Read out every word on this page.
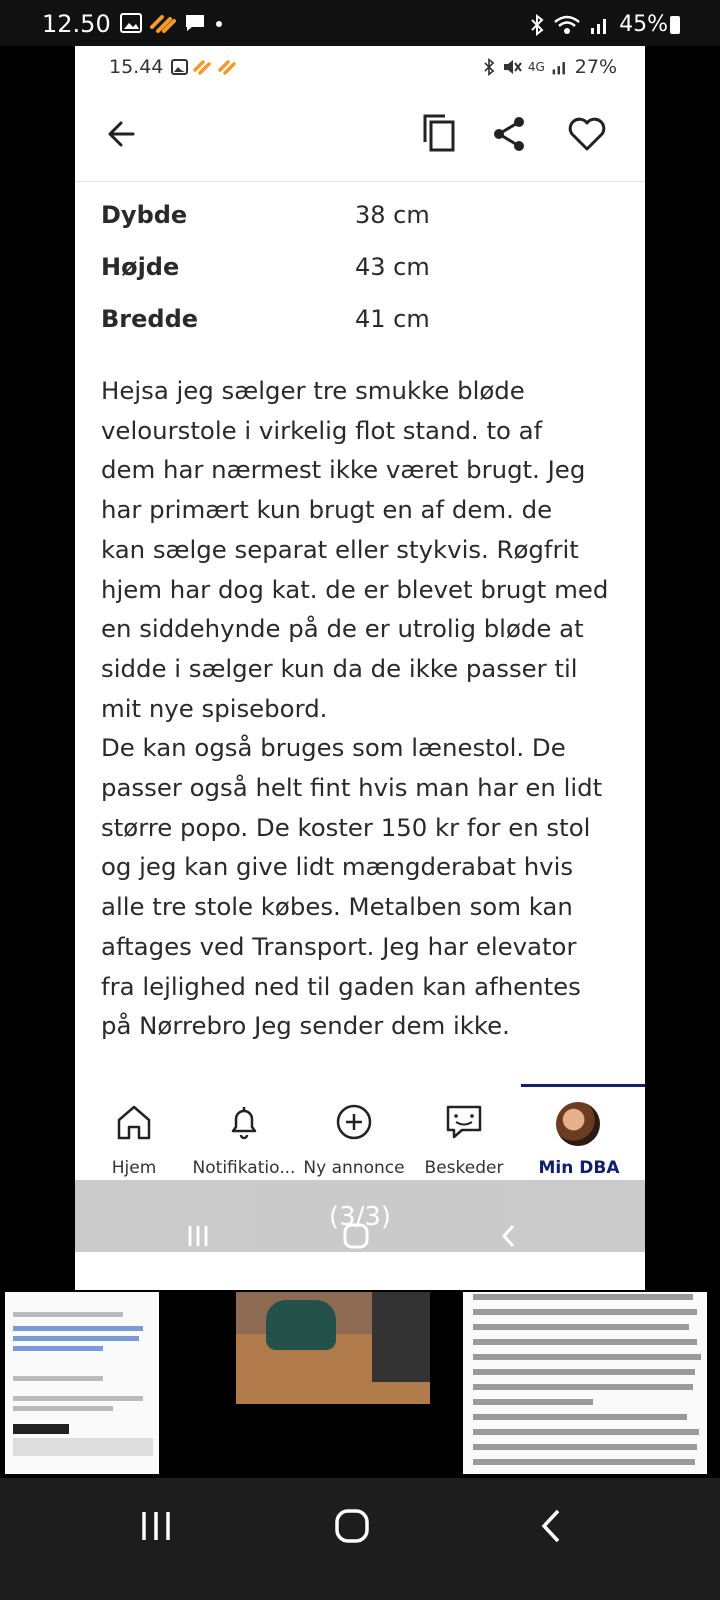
12.50	45%
15.44	4G 27%
Dybde	38 cm
Højde	43 cm
Bredde	41 cm

Hejsa jeg sælger tre smukke bløde

velourstole i virkelig flot stand. to af

dem har nærmest ikke været brugt. Jeg

har primært kun brugt en af dem. de

kan sælge separat eller stykvis. Røgfrit

hjem har dog kat. de er blevet brugt med

en siddehynde på de er utrolig bløde at

sidde i sælger kun da de ikke passer til

mit nye spisebord.

De kan også bruges som lænestol. De

passer også helt fint hvis man har en lidt

større popo. De koster 150 kr for en stol

og jeg kan give lidt mængderabat hvis

alle tre stole købes. Metalben som kan

aftages ved Transport. Jeg har elevator

fra lejlighed ned til gaden kan afhentes

på Nørrebro Jeg sender dem ikke.

Hjem	Notifikatio... Ny annonce	Beskeder	Min DBA
(3/3)
